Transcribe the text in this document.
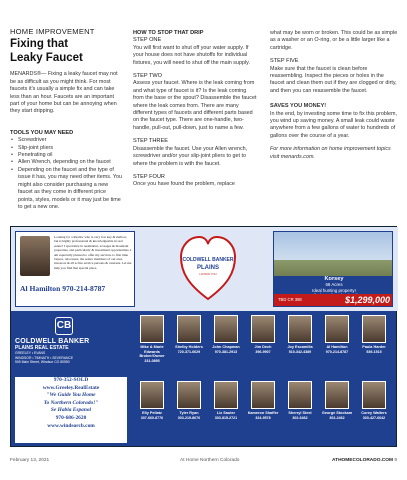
HOME IMPROVEMENT
Fixing that
Leaky Faucet

MENARDS®— Fixing a leaky faucet may not be as difficult as you might think. For most faucets it's usually a simple fix and can take less than an hour. Faucets are an important part of your home but can be annoying when they start dripping.

TOOLS YOU MAY NEED
• Screwdriver
• Slip-joint pliers
• Penetrating oil
• Allen Wrench, depending on the faucet
• Depending on the faucet and the type of issue it has, you may need other items. You might also consider purchasing a new faucet as they come in different price points, styles, models or it may just be time to get a new one.
HOW TO STOP THAT DRIP
STEP ONE

You will first want to shut off your water supply. If your house does not have shutoffs for individual fixtures, you will need to shut off the main supply.

STEP TWO

Assess your faucet. Where is the leak coming from and what type of faucet is it? Is the leak coming from the base or the spout? Disassemble the faucet where the leak comes from. There are many different types of faucets and different parts based on the faucet type. There are one-handle, two-handle, pull-out, pull-down, just to name a few.

STEP THREE

Disassemble the faucet. Use your Allen wrench, screwdriver and/or your slip-joint pliers to get to where the problem is with the faucet.

STEP FOUR

Once you have found the problem, replace

what may be worn or broken. This could be as simple as a washer or an O-ring, or be a little larger like a cartridge.

STEP FIVE

Make sure that the faucet is clean before reassembling. Inspect the pieces or holes in the faucet and clean them out if they are clogged or dirty, and then you can reassemble the faucet.

SAVES YOU MONEY!

In the end, by investing some time to fix this problem, you wind up saving money. A small leak could waste anywhere from a few gallons of water to hundreds of gallons over the course of a year.

For more information on home improvement topics visit menards.com.

Looking for a Realtor who is very low key & mellow, but is highly professional & knowledgeable in real estate? I specialize in residential, acreages & mountain properties, and particularly & investment opportunities. I am especially pleased to offer my services to first time buyers, relocatees, the senior members of our area, investors & all active service persons & veterans. Let me help you find that special place.
Al Hamilton 970-214-8787
COLDWELL BANKER
PLAINS
LOVING YOU
Korsey
68 Acres
Ideal hunting property!
TBD CR 388	$1,299,000
CB
COLDWELL BANKER
PLAINS REAL ESTATE
GREELEY • EVANS
WINDSOR • TIMNATH • SEVERANCE
505 Main Street, Windsor CO 80550
970-352-SOLD
www.Greeley.RealEstate
"We Guide You Home
To Northern Colorado!"
Se Habla Espanol
970-686-2620
www.windsorcb.com
Mike & Marie Edwards Broker/Owner
231-0895
Shelby Holders
720-371-6629
John Chapman
970-381-2913
Jim Dech
396-9907
Joy Escamilla
510-342-4389
Al Hamilton
970-214-8787
Paula Harder
539-1515
Elly Pellatz
307-660-8776
Tyler Ryan
303-219-8670
Liz Sauter
303-815-2721
Kameron Shaffer
324-9578
Sherryl Steel
302-6462
George Stockam
302-2462
Corey Walters
303-427-6642
February 13, 2021	At Home Northern Colorado	ATHOMECOLORADO.COM 9
